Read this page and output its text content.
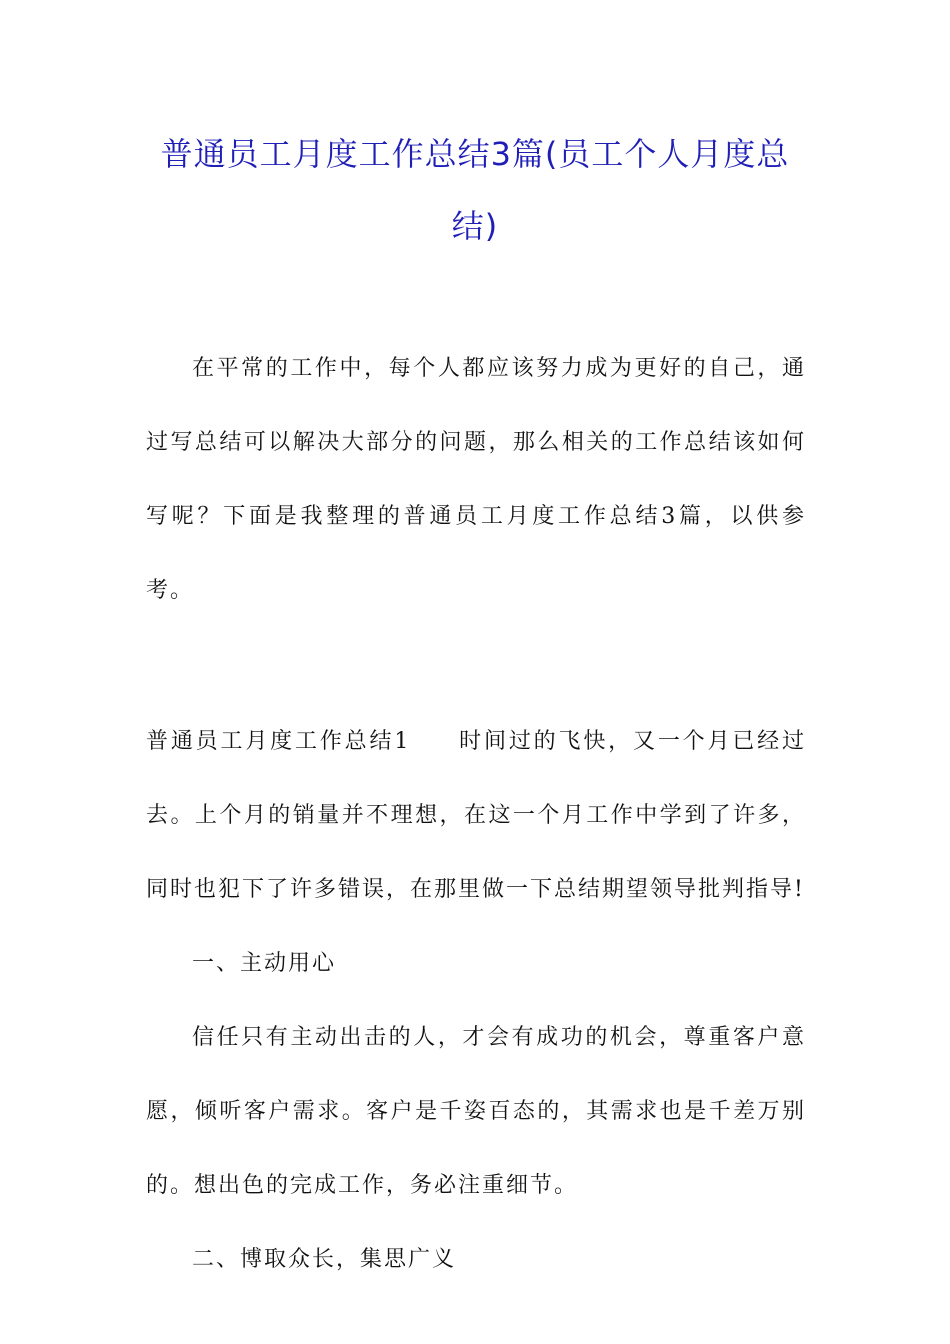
普通员工月度工作总结3篇(员工个人月度总结)

在平常的工作中，每个人都应该努力成为更好的自己，通过写总结可以解决大部分的问题，那么相关的工作总结该如何写呢？下面是我整理的普通员工月度工作总结3篇，以供参考。

普通员工月度工作总结1 时间过的飞快，又一个月已经过去。上个月的销量并不理想，在这一个月工作中学到了许多，同时也犯下了许多错误，在那里做一下总结期望领导批判指导!

一、主动用心

信任只有主动出击的人，才会有成功的机会，尊重客户意愿，倾听客户需求。客户是千姿百态的，其需求也是千差万别的。想出色的完成工作，务必注重细节。

二、博取众长，集思广义
